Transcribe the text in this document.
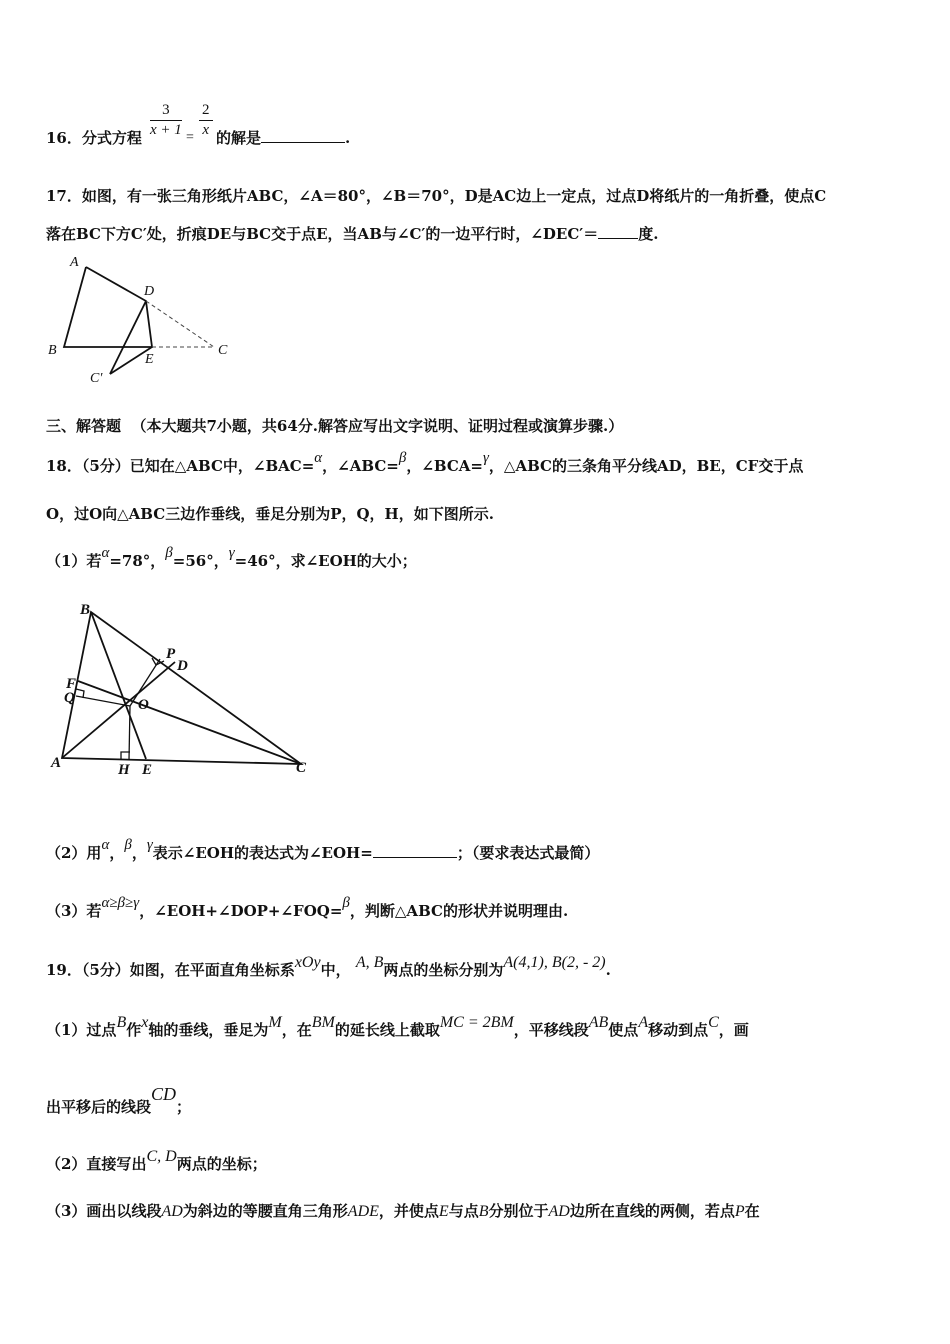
16．分式方程 $\frac{3}{x + 1} = \frac{2}{x}$ 的解是	.
17．如图，有一张三角形纸片ABC，∠A＝80°，∠B＝70°，D是AC边上一定点，过点D将纸片的一角折叠，使点C
落在BC下方C′处，折痕DE与BC交于点E，当AB与∠C′的一边平行时，∠DEC′＝	度.
A
B	C
D
E
C′
三、解答题 （本大题共7小题，共64分.解答应写出文字说明、证明过程或演算步骤.）
18．（5分）已知在△ABC中，∠BAC=α，∠ABC=β，∠BCA=γ，△ABC的三条角平分线AD，BE，CF交于点
O，过O向△ABC三边作垂线，垂足分别为P，Q，H，如下图所示.
（1）若α=78°，β=56°，γ=46°，求∠EOH的大小；
B
P
D
F
Q	O
A	H E	C
（2）用α，β，γ表示∠EOH的表达式为∠EOH=	；（要求表达式最简）
（3）若α≥β≥γ，∠EOH+∠DOP+∠FOQ=β，判断△ABC的形状并说明理由.
19．（5分）如图，在平面直角坐标系xOy中， A, B两点的坐标分别为A(4,1), B(2, - 2).
（1）过点B作x轴的垂线，垂足为M，在BM的延长线上截取MC = 2BM，平移线段AB使点A移动到点C，画
出平移后的线段CD；
（2）直接写出C, D两点的坐标；
（3）画出以线段AD为斜边的等腰直角三角形ADE，并使点E与点B分别位于AD边所在直线的两侧，若点P在
